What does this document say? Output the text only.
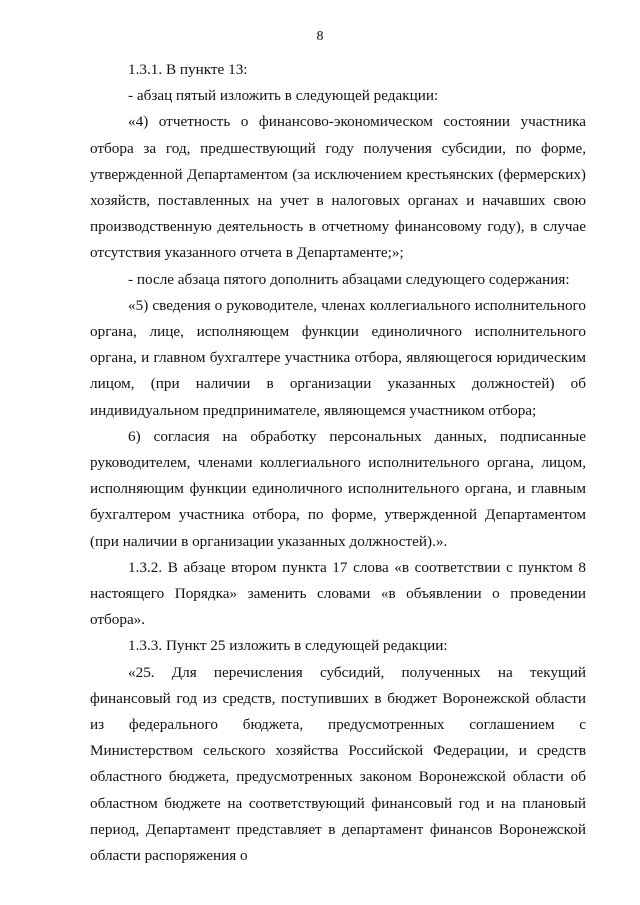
8

1.3.1. В пункте 13:

- абзац пятый изложить в следующей редакции:

«4) отчетность о финансово-экономическом состоянии участника отбора за год, предшествующий году получения субсидии, по форме, утвержденной Департаментом (за исключением крестьянских (фермерских) хозяйств, поставленных на учет в налоговых органах и начавших свою производственную деятельность в отчетному финансовому году), в случае отсутствия указанного отчета в Департаменте;»;

- после абзаца пятого дополнить абзацами следующего содержания:

«5) сведения о руководителе, членах коллегиального исполнительного органа, лице, исполняющем функции единоличного исполнительного органа, и главном бухгалтере участника отбора, являющегося юридическим лицом, (при наличии в организации указанных должностей) об индивидуальном предпринимателе, являющемся участником отбора;

6) согласия на обработку персональных данных, подписанные руководителем, членами коллегиального исполнительного органа, лицом, исполняющим функции единоличного исполнительного органа, и главным бухгалтером участника отбора, по форме, утвержденной Департаментом (при наличии в организации указанных должностей).».

1.3.2. В абзаце втором пункта 17 слова «в соответствии с пунктом 8 настоящего Порядка» заменить словами «в объявлении о проведении отбора».

1.3.3. Пункт 25 изложить в следующей редакции:

«25. Для перечисления субсидий, полученных на текущий финансовый год из средств, поступивших в бюджет Воронежской области из федерального бюджета, предусмотренных соглашением с Министерством сельского хозяйства Российской Федерации, и средств областного бюджета, предусмотренных законом Воронежской области об областном бюджете на соответствующий финансовый год и на плановый период, Департамент представляет в департамент финансов Воронежской области распоряжения о
